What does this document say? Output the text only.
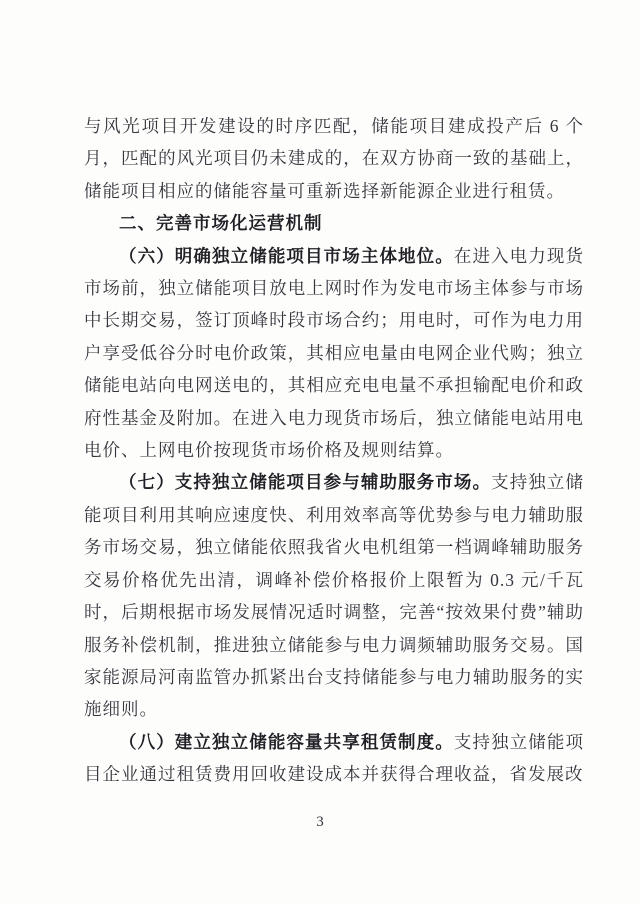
与风光项目开发建设的时序匹配，储能项目建成投产后 6 个月，匹配的风光项目仍未建成的，在双方协商一致的基础上，储能项目相应的储能容量可重新选择新能源企业进行租赁。

二、完善市场化运营机制

（六）明确独立储能项目市场主体地位。在进入电力现货市场前，独立储能项目放电上网时作为发电市场主体参与市场中长期交易，签订顶峰时段市场合约；用电时，可作为电力用户享受低谷分时电价政策，其相应电量由电网企业代购；独立储能电站向电网送电的，其相应充电电量不承担输配电价和政府性基金及附加。在进入电力现货市场后，独立储能电站用电电价、上网电价按现货市场价格及规则结算。

（七）支持独立储能项目参与辅助服务市场。支持独立储能项目利用其响应速度快、利用效率高等优势参与电力辅助服务市场交易，独立储能依照我省火电机组第一档调峰辅助服务交易价格优先出清，调峰补偿价格报价上限暂为 0.3 元/千瓦时，后期根据市场发展情况适时调整，完善“按效果付费”辅助服务补偿机制，推进独立储能参与电力调频辅助服务交易。国家能源局河南监管办抓紧出台支持储能参与电力辅助服务的实施细则。

（八）建立独立储能容量共享租赁制度。支持独立储能项目企业通过租赁费用回收建设成本并获得合理收益，省发展改

3
